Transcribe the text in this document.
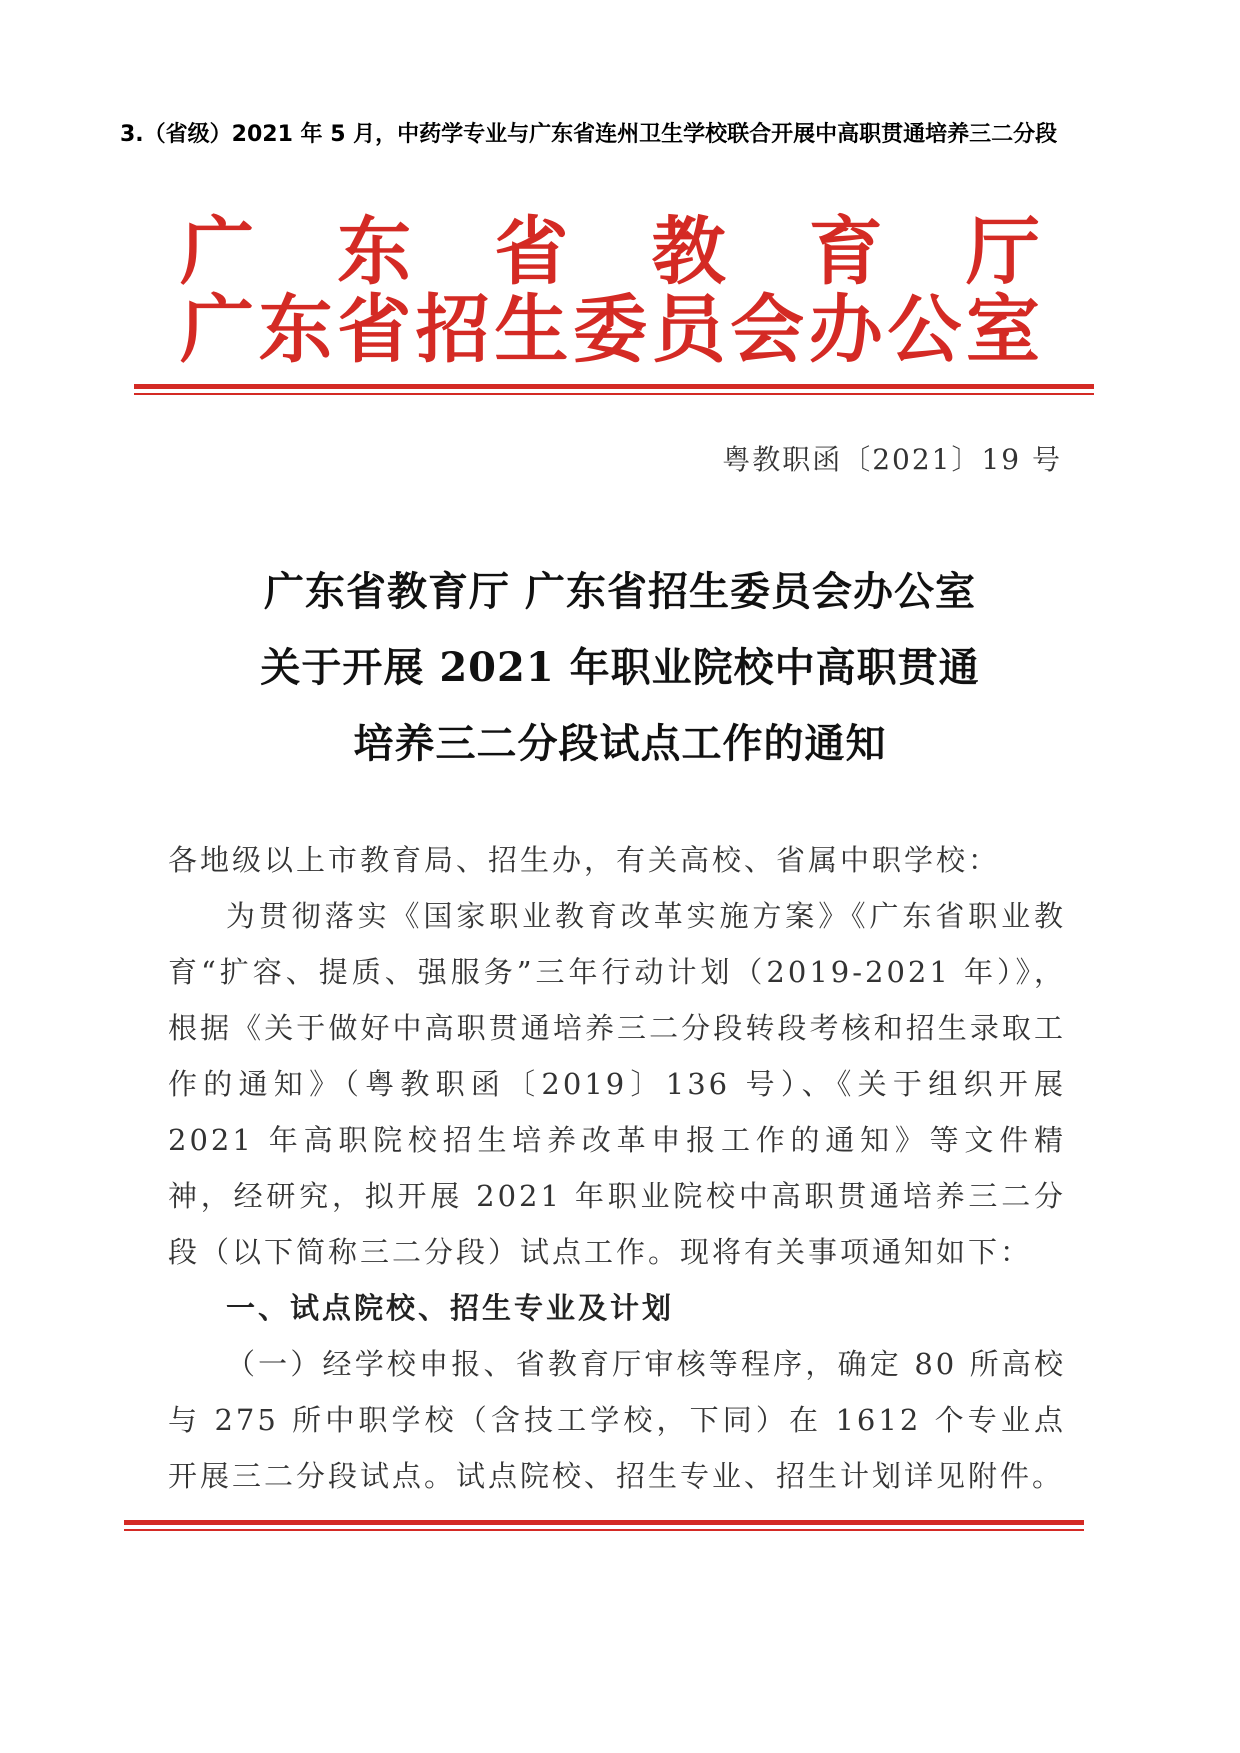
3.（省级）2021 年 5 月，中药学专业与广东省连州卫生学校联合开展中高职贯通培养三二分段
广 东 省 教 育 厅
广 东 省 招 生 委 员 会 办 公 室
粤教职函〔2021〕19 号
广东省教育厅 广东省招生委员会办公室
关于开展 2021 年职业院校中高职贯通
培养三二分段试点工作的通知

各地级以上市教育局、招生办，有关高校、省属中职学校：

为贯彻落实《国家职业教育改革实施方案》《广东省职业教育“扩容、提质、强服务”三年行动计划（2019-2021 年）》，根据《关于做好中高职贯通培养三二分段转段考核和招生录取工作的通知》（粤教职函〔2019〕136 号）、《关于组织开展 2021 年高职院校招生培养改革申报工作的通知》等文件精神，经研究，拟开展 2021 年职业院校中高职贯通培养三二分段（以下简称三二分段）试点工作。现将有关事项通知如下：

一、试点院校、招生专业及计划

（一）经学校申报、省教育厅审核等程序，确定 80 所高校与 275 所中职学校（含技工学校，下同）在 1612 个专业点开展三二分段试点。试点院校、招生专业、招生计划详见附件。
